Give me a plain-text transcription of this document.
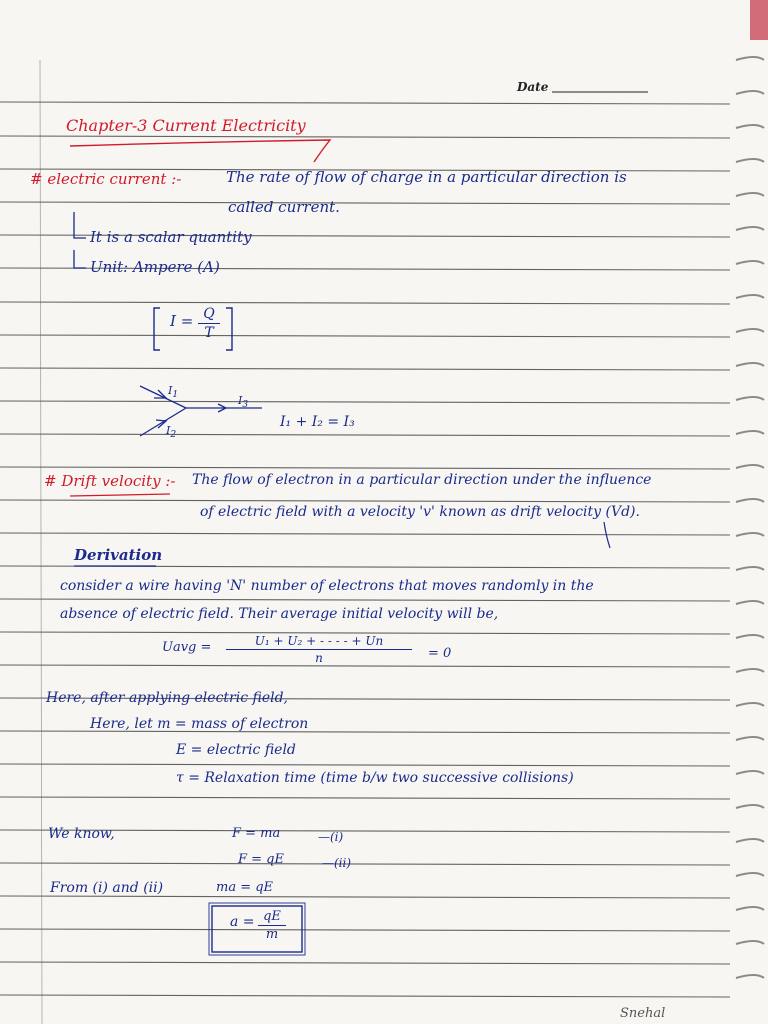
Date
Chapter-3 Current Electricity
# electric current :-	The rate of flow of charge in a particular direction is
called current.
It is a scalar quantity
Unit: Ampere (A)
I = Q
T
$I_1$
$I_2$
$I_3$
I₁ + I₂ = I₃
# Drift velocity :- The flow of electron in a particular direction under the influence
of electric field with a velocity 'v' known as drift velocity (Vd).
Derivation
consider a wire having 'N' number of electrons that moves randomly in the
absence of electric field. Their average initial velocity will be,
Uavg =	U₁ + U₂ + - - - - + Un
n	= 0
Here, after applying electric field,
Here, let m = mass of electron
E = electric field
τ = Relaxation time (time b/w two successive collisions)
We know,	F = ma	—(i)
F = qE	—(ii)
From (i) and (ii)	ma = qE
a = qE
m
Snehal
